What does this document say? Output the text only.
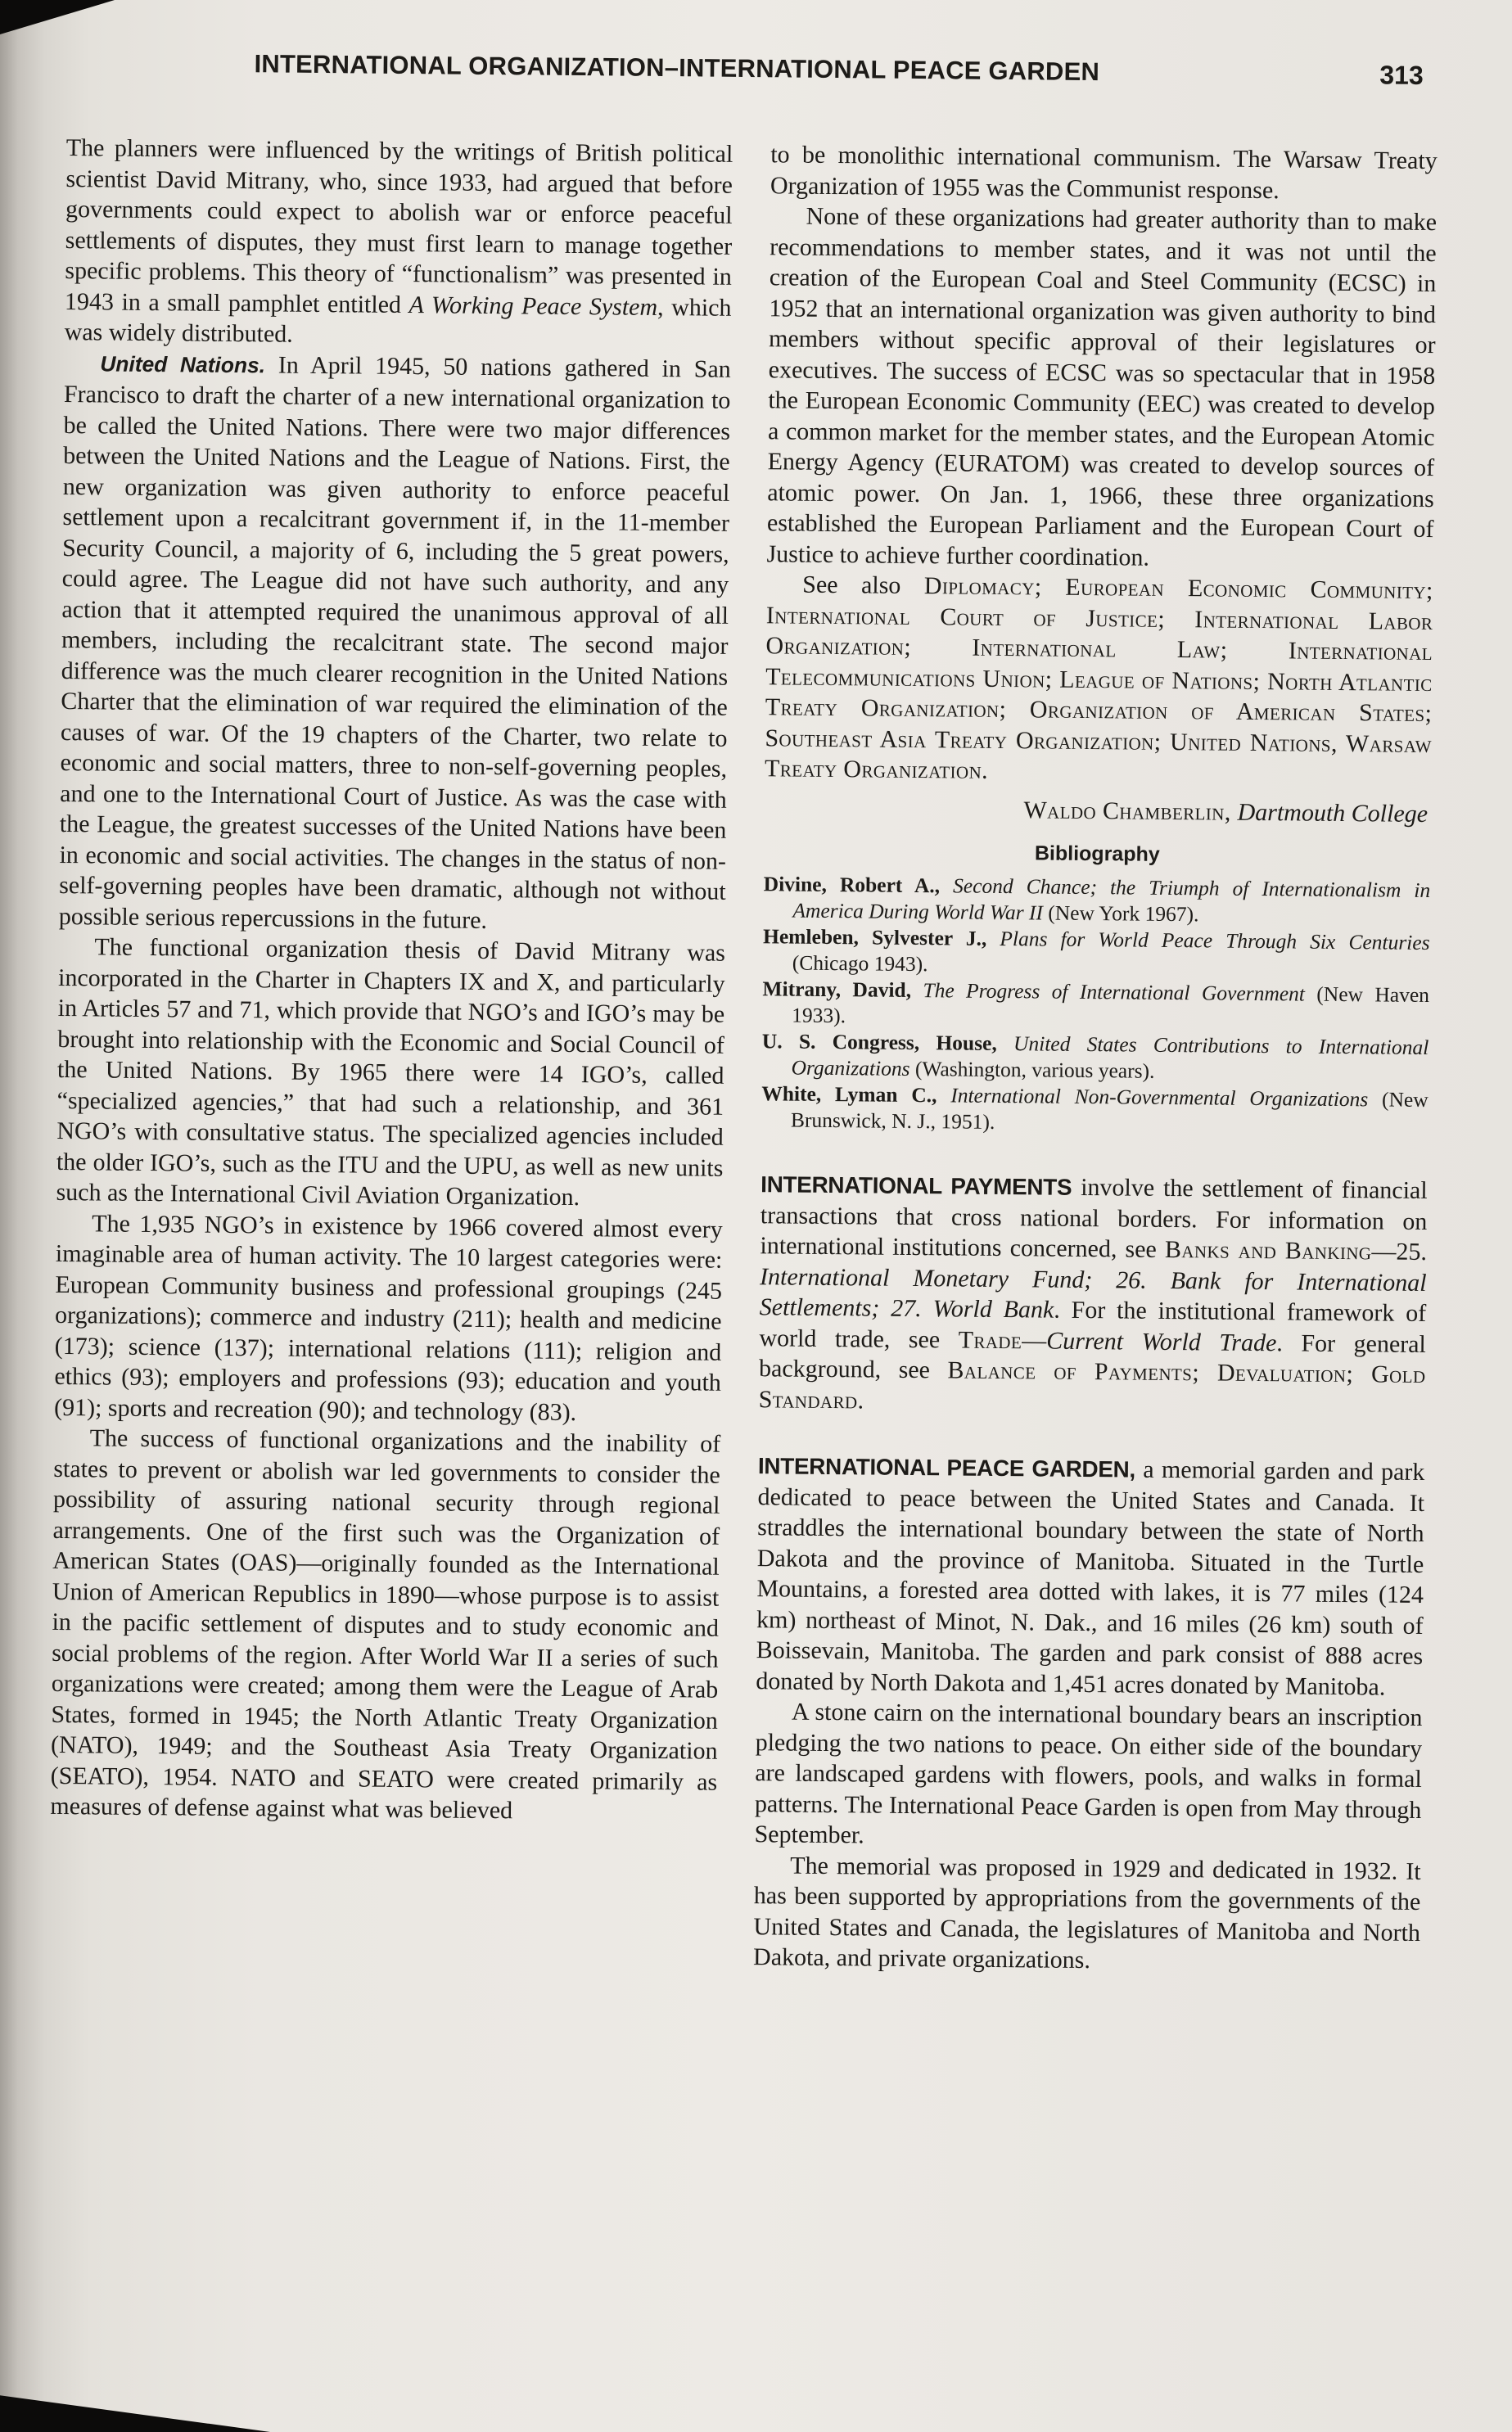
INTERNATIONAL ORGANIZATION–INTERNATIONAL PEACE GARDEN	313

The planners were influenced by the writings of British political scientist David Mitrany, who, since 1933, had argued that before governments could expect to abolish war or enforce peaceful settlements of disputes, they must first learn to manage together specific problems. This theory of “functionalism” was presented in 1943 in a small pamphlet entitled A Working Peace System, which was widely distributed.

United Nations. In April 1945, 50 nations gathered in San Francisco to draft the charter of a new international organization to be called the United Nations. There were two major differences between the United Nations and the League of Nations. First, the new organization was given authority to enforce peaceful settlement upon a recalcitrant government if, in the 11-member Security Council, a majority of 6, including the 5 great powers, could agree. The League did not have such authority, and any action that it attempted required the unanimous approval of all members, including the recalcitrant state. The second major difference was the much clearer recognition in the United Nations Charter that the elimination of war required the elimination of the causes of war. Of the 19 chapters of the Charter, two relate to economic and social matters, three to non-self-governing peoples, and one to the International Court of Justice. As was the case with the League, the greatest successes of the United Nations have been in economic and social activities. The changes in the status of non-self-governing peoples have been dramatic, although not without possible serious repercussions in the future.

The functional organization thesis of David Mitrany was incorporated in the Charter in Chapters IX and X, and particularly in Articles 57 and 71, which provide that NGO’s and IGO’s may be brought into relationship with the Economic and Social Council of the United Nations. By 1965 there were 14 IGO’s, called “specialized agencies,” that had such a relationship, and 361 NGO’s with consultative status. The specialized agencies included the older IGO’s, such as the ITU and the UPU, as well as new units such as the International Civil Aviation Organization.

The 1,935 NGO’s in existence by 1966 covered almost every imaginable area of human activity. The 10 largest categories were: European Community business and professional groupings (245 organizations); commerce and industry (211); health and medicine (173); science (137); international relations (111); religion and ethics (93); employers and professions (93); education and youth (91); sports and recreation (90); and technology (83).

The success of functional organizations and the inability of states to prevent or abolish war led governments to consider the possibility of assuring national security through regional arrangements. One of the first such was the Organization of American States (OAS)—originally founded as the International Union of American Republics in 1890—whose purpose is to assist in the pacific settlement of disputes and to study economic and social problems of the region. After World War II a series of such organizations were created; among them were the League of Arab States, formed in 1945; the North Atlantic Treaty Organization (NATO), 1949; and the Southeast Asia Treaty Organization (SEATO), 1954. NATO and SEATO were created primarily as measures of defense against what was believed

to be monolithic international communism. The Warsaw Treaty Organization of 1955 was the Communist response.

None of these organizations had greater authority than to make recommendations to member states, and it was not until the creation of the European Coal and Steel Community (ECSC) in 1952 that an international organization was given authority to bind members without specific approval of their legislatures or executives. The success of ECSC was so spectacular that in 1958 the European Economic Community (EEC) was created to develop a common market for the member states, and the European Atomic Energy Agency (EURATOM) was created to develop sources of atomic power. On Jan. 1, 1966, these three organizations established the European Parliament and the European Court of Justice to achieve further coordination.

See also Diplomacy; European Economic Community; International Court of Justice; International Labor Organization; International Law; International Telecommunications Union; League of Nations; North Atlantic Treaty Organization; Organization of American States; Southeast Asia Treaty Organization; United Nations, Warsaw Treaty Organization.

Waldo Chamberlin, Dartmouth College
Bibliography

Divine, Robert A., Second Chance; the Triumph of Internationalism in America During World War II (New York 1967).

Hemleben, Sylvester J., Plans for World Peace Through Six Centuries (Chicago 1943).

Mitrany, David, The Progress of International Government (New Haven 1933).

U. S. Congress, House, United States Contributions to International Organizations (Washington, various years).

White, Lyman C., International Non-Governmental Organizations (New Brunswick, N. J., 1951).

INTERNATIONAL PAYMENTS involve the settlement of financial transactions that cross national borders. For information on international institutions concerned, see Banks and Banking—25. International Monetary Fund; 26. Bank for International Settlements; 27. World Bank. For the institutional framework of world trade, see Trade—Current World Trade. For general background, see Balance of Payments; Devaluation; Gold Standard.

INTERNATIONAL PEACE GARDEN, a memorial garden and park dedicated to peace between the United States and Canada. It straddles the international boundary between the state of North Dakota and the province of Manitoba. Situated in the Turtle Mountains, a forested area dotted with lakes, it is 77 miles (124 km) northeast of Minot, N. Dak., and 16 miles (26 km) south of Boissevain, Manitoba. The garden and park consist of 888 acres donated by North Dakota and 1,451 acres donated by Manitoba.

A stone cairn on the international boundary bears an inscription pledging the two nations to peace. On either side of the boundary are landscaped gardens with flowers, pools, and walks in formal patterns. The International Peace Garden is open from May through September.

The memorial was proposed in 1929 and dedicated in 1932. It has been supported by appropriations from the governments of the United States and Canada, the legislatures of Manitoba and North Dakota, and private organizations.
